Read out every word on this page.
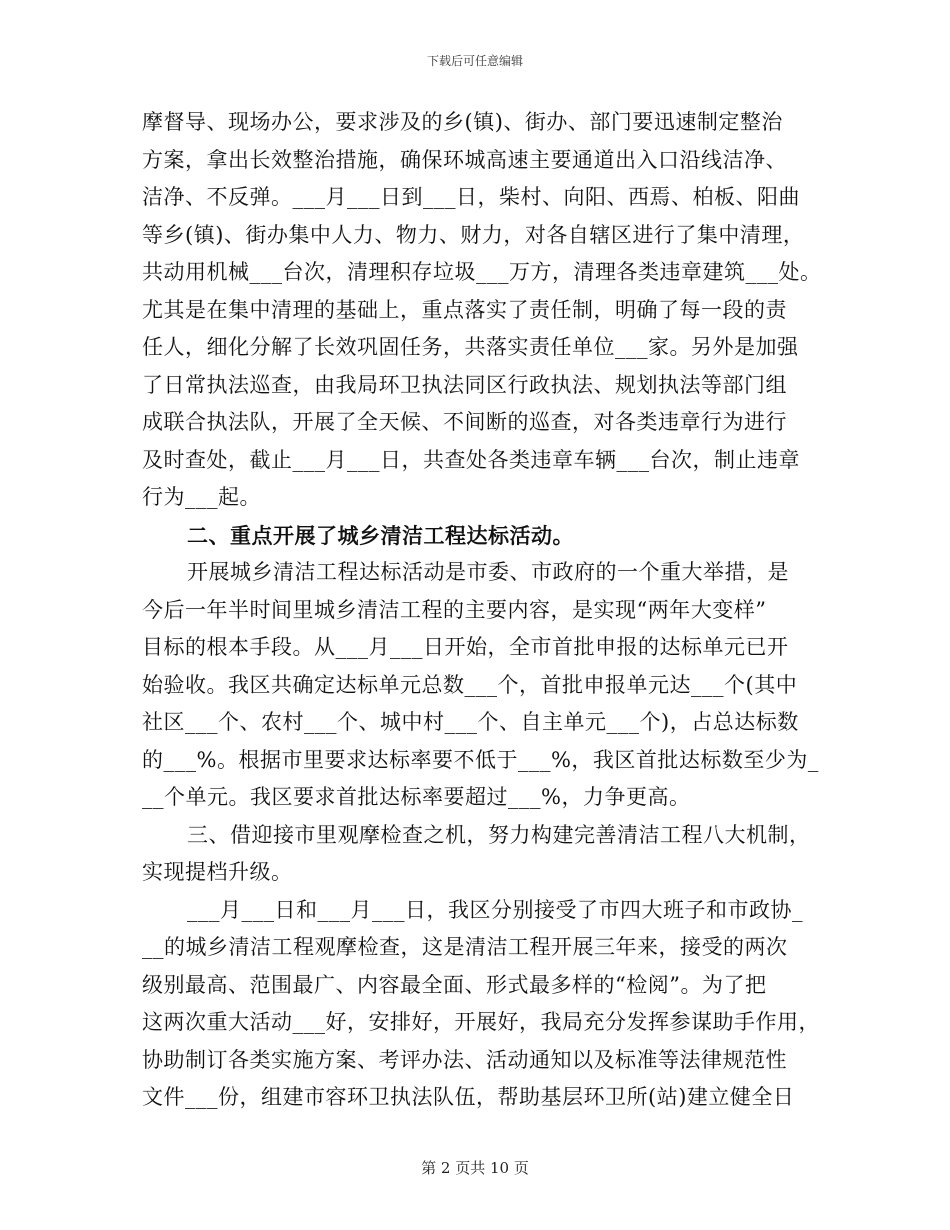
下载后可任意编辑
摩督导、现场办公，要求涉及的乡(镇)、街办、部门要迅速制定整治
方案，拿出长效整治措施，确保环城高速主要通道出入口沿线洁净、
洁净、不反弹。___月___日到___日，柴村、向阳、西焉、柏板、阳曲
等乡(镇)、街办集中人力、物力、财力，对各自辖区进行了集中清理，
共动用机械___台次，清理积存垃圾___万方，清理各类违章建筑___处。
尤其是在集中清理的基础上，重点落实了责任制，明确了每一段的责
任人，细化分解了长效巩固任务，共落实责任单位___家。另外是加强
了日常执法巡查，由我局环卫执法同区行政执法、规划执法等部门组
成联合执法队，开展了全天候、不间断的巡查，对各类违章行为进行
及时查处，截止___月___日，共查处各类违章车辆___台次，制止违章
行为___起。
二、重点开展了城乡清洁工程达标活动。
开展城乡清洁工程达标活动是市委、市政府的一个重大举措，是
今后一年半时间里城乡清洁工程的主要内容，是实现“两年大变样”
目标的根本手段。从___月___日开始，全市首批申报的达标单元已开
始验收。我区共确定达标单元总数___个，首批申报单元达___个(其中
社区___个、农村___个、城中村___个、自主单元___个)，占总达标数
的___%。根据市里要求达标率要不低于___%，我区首批达标数至少为_
__个单元。我区要求首批达标率要超过___%，力争更高。
三、借迎接市里观摩检查之机，努力构建完善清洁工程八大机制，
实现提档升级。
___月___日和___月___日，我区分别接受了市四大班子和市政协_
__的城乡清洁工程观摩检查，这是清洁工程开展三年来，接受的两次
级别最高、范围最广、内容最全面、形式最多样的“检阅”。为了把
这两次重大活动___好，安排好，开展好，我局充分发挥参谋助手作用，
协助制订各类实施方案、考评办法、活动通知以及标准等法律规范性
文件___份，组建市容环卫执法队伍，帮助基层环卫所(站)建立健全日
第 2 页共 10 页
